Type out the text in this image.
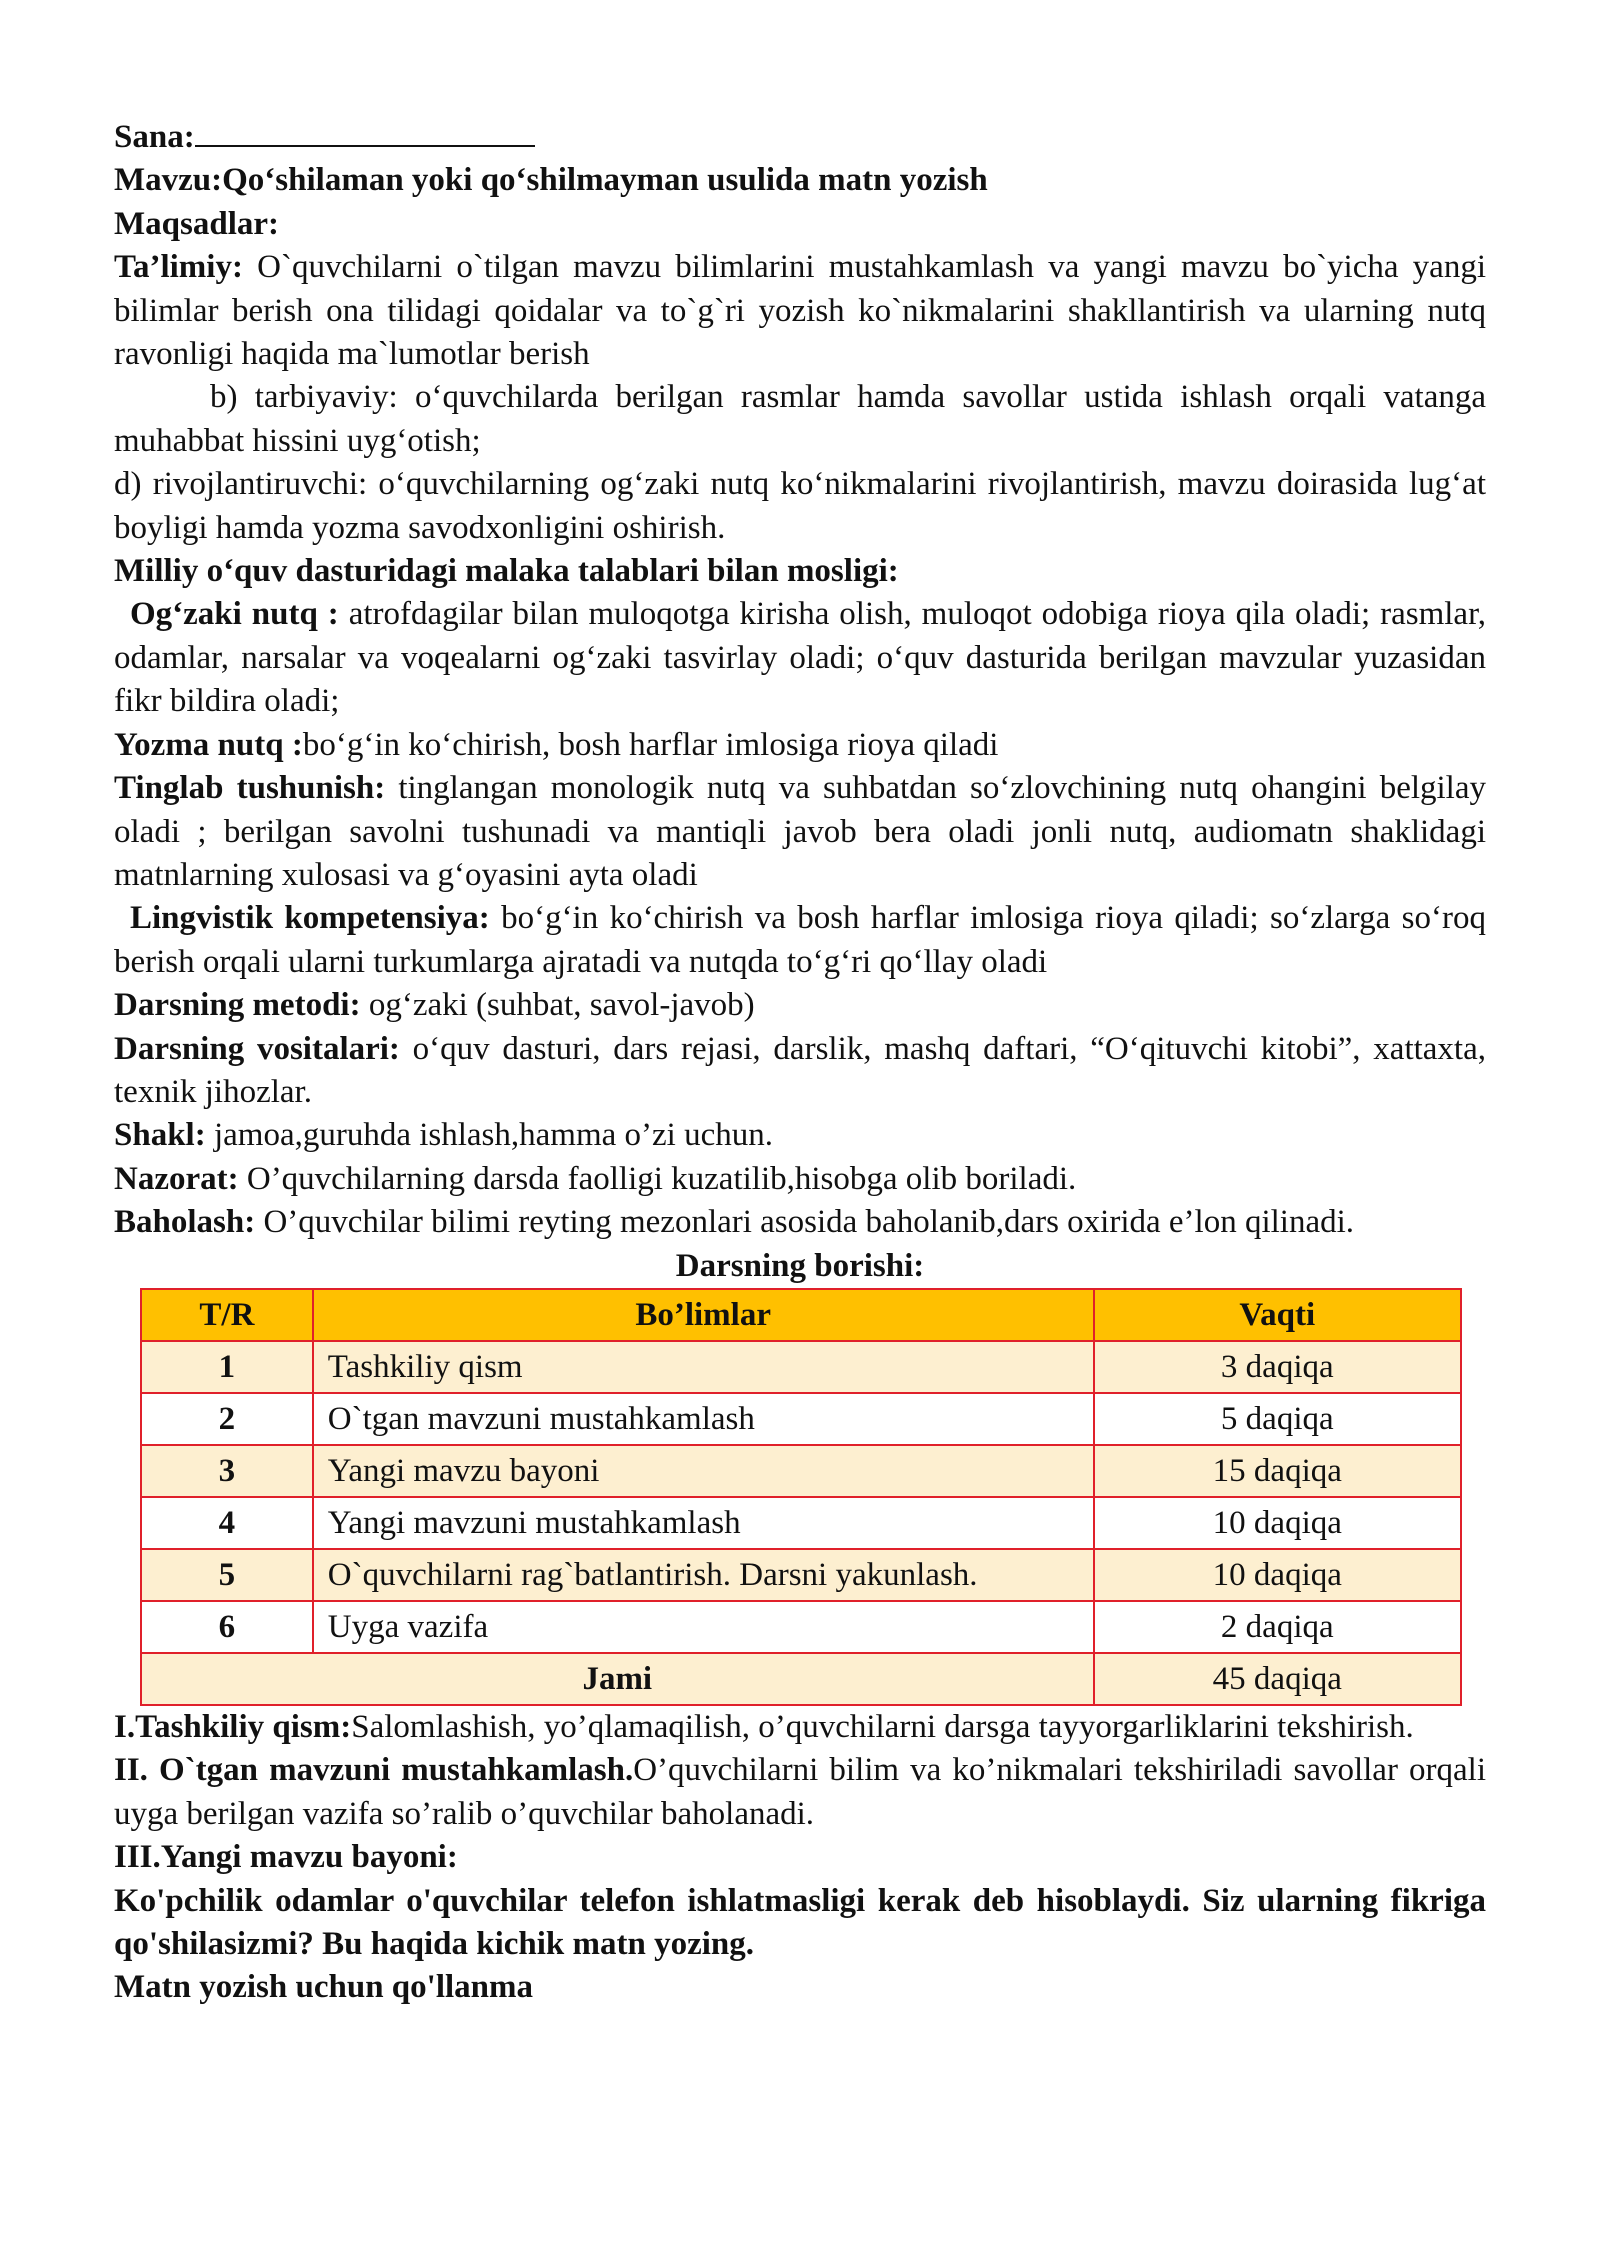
Sana:

Mavzu:Qo‘shilaman yoki qo‘shilmayman usulida matn yozish

Maqsadlar:

Ta’limiy: O`quvchilarni o`tilgan mavzu bilimlarini mustahkamlash va yangi mavzu bo`yicha yangi bilimlar berish ona tilidagi qoidalar va to`g`ri yozish ko`nikmalarini shakllantirish va ularning nutq ravonligi haqida ma`lumotlar berish

b) tarbiyaviy: o‘quvchilarda berilgan rasmlar hamda savollar ustida ishlash orqali vatanga muhabbat hissini uyg‘otish;

d) rivojlantiruvchi: o‘quvchilarning og‘zaki nutq ko‘nikmalarini rivojlantirish, mavzu doirasida lug‘at boyligi hamda yozma savodxonligini oshirish.

Milliy o‘quv dasturidagi malaka talablari bilan mosligi:

Og‘zaki nutq : atrofdagilar bilan muloqotga kirisha olish, muloqot odobiga rioya qila oladi; rasmlar, odamlar, narsalar va voqealarni og‘zaki tasvirlay oladi; o‘quv dasturida berilgan mavzular yuzasidan fikr bildira oladi;

Yozma nutq :bo‘g‘in ko‘chirish, bosh harflar imlosiga rioya qiladi

Tinglab tushunish: tinglangan monologik nutq va suhbatdan so‘zlovchining nutq ohangini belgilay oladi ; berilgan savolni tushunadi va mantiqli javob bera oladi jonli nutq, audiomatn shaklidagi matnlarning xulosasi va g‘oyasini ayta oladi

Lingvistik kompetensiya: bo‘g‘in ko‘chirish va bosh harflar imlosiga rioya qiladi; so‘zlarga so‘roq berish orqali ularni turkumlarga ajratadi va nutqda to‘g‘ri qo‘llay oladi

Darsning metodi: og‘zaki (suhbat, savol-javob)

Darsning vositalari: o‘quv dasturi, dars rejasi, darslik, mashq daftari, “O‘qituvchi kitobi”, xattaxta, texnik jihozlar.

Shakl: jamoa,guruhda ishlash,hamma o’zi uchun.

Nazorat: O’quvchilarning darsda faolligi kuzatilib,hisobga olib boriladi.

Baholash: O’quvchilar bilimi reyting mezonlari asosida baholanib,dars oxirida e’lon qilinadi.

Darsning borishi:

T/R	Bo’limlar	Vaqti
1	Tashkiliy qism	3 daqiqa
2	O`tgan mavzuni mustahkamlash	5 daqiqa
3	Yangi mavzu bayoni	15 daqiqa
4	Yangi mavzuni mustahkamlash	10 daqiqa
5	O`quvchilarni rag`batlantirish. Darsni yakunlash.	10 daqiqa
6	Uyga vazifa	2 daqiqa
Jami		45 daqiqa

I.Tashkiliy qism:Salomlashish, yo’qlamaqilish, o’quvchilarni darsga tayyorgarliklarini tekshirish.

II. O`tgan mavzuni mustahkamlash.O’quvchilarni bilim va ko’nikmalari tekshiriladi savollar orqali uyga berilgan vazifa so’ralib o’quvchilar baholanadi.

III.Yangi mavzu bayoni:

Ko'pchilik odamlar o'quvchilar telefon ishlatmasligi kerak deb hisoblaydi. Siz ularning fikriga qo'shilasizmi? Bu haqida kichik matn yozing.

Matn yozish uchun qo'llanma
